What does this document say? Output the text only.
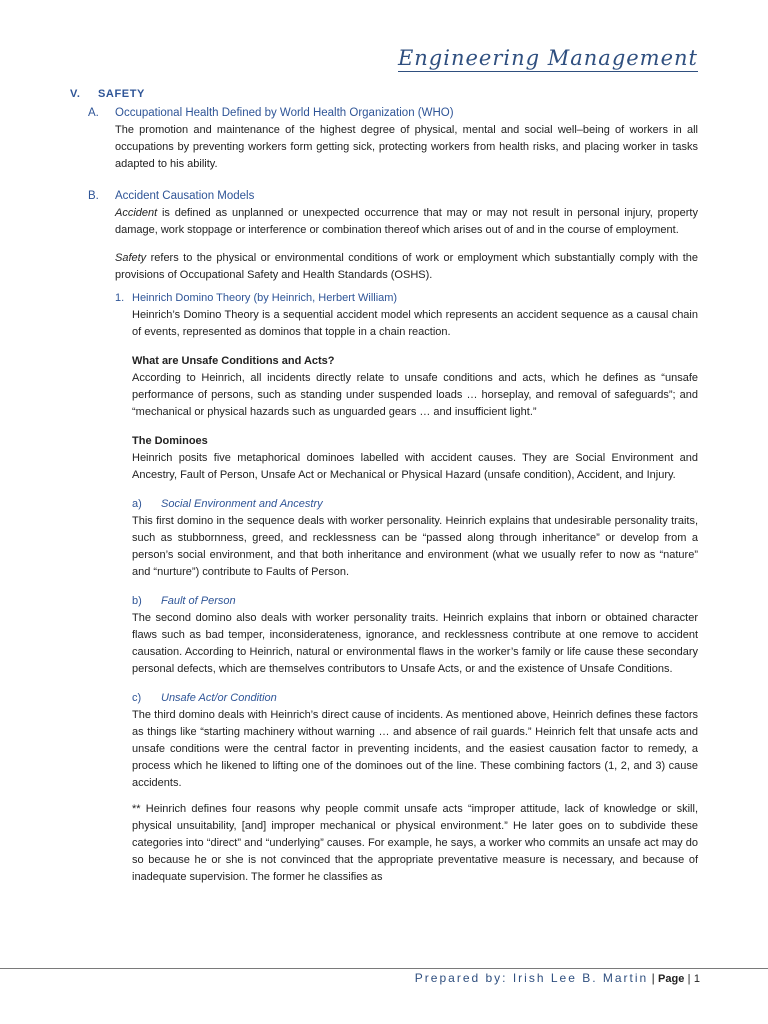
Engineering Management
V. SAFETY
A.	Occupational Health Defined by World Health Organization (WHO)

The promotion and maintenance of the highest degree of physical, mental and social well–being of workers in all occupations by preventing workers form getting sick, protecting workers from health risks, and placing worker in tasks adapted to his ability.

B.	Accident Causation Models

Accident is defined as unplanned or unexpected occurrence that may or may not result in personal injury, property damage, work stoppage or interference or combination thereof which arises out of and in the course of employment.

Safety refers to the physical or environmental conditions of work or employment which substantially comply with the provisions of Occupational Safety and Health Standards (OSHS).

1. Heinrich Domino Theory (by Heinrich, Herbert William)

Heinrich’s Domino Theory is a sequential accident model which represents an accident sequence as a causal chain of events, represented as dominos that topple in a chain reaction.

What are Unsafe Conditions and Acts?

According to Heinrich, all incidents directly relate to unsafe conditions and acts, which he defines as “unsafe performance of persons, such as standing under suspended loads … horseplay, and removal of safeguards”; and “mechanical or physical hazards such as unguarded gears … and insufficient light.”

The Dominoes

Heinrich posits five metaphorical dominoes labelled with accident causes. They are Social Environment and Ancestry, Fault of Person, Unsafe Act or Mechanical or Physical Hazard (unsafe condition), Accident, and Injury.

a)	Social Environment and Ancestry

This first domino in the sequence deals with worker personality. Heinrich explains that undesirable personality traits, such as stubbornness, greed, and recklessness can be “passed along through inheritance” or develop from a person’s social environment, and that both inheritance and environment (what we usually refer to now as “nature” and “nurture”) contribute to Faults of Person.

b)	Fault of Person

The second domino also deals with worker personality traits. Heinrich explains that inborn or obtained character flaws such as bad temper, inconsiderateness, ignorance, and recklessness contribute at one remove to accident causation. According to Heinrich, natural or environmental flaws in the worker’s family or life cause these secondary personal defects, which are themselves contributors to Unsafe Acts, or and the existence of Unsafe Conditions.

c)	Unsafe Act/or Condition

The third domino deals with Heinrich’s direct cause of incidents. As mentioned above, Heinrich defines these factors as things like “starting machinery without warning … and absence of rail guards.” Heinrich felt that unsafe acts and unsafe conditions were the central factor in preventing incidents, and the easiest causation factor to remedy, a process which he likened to lifting one of the dominoes out of the line. These combining factors (1, 2, and 3) cause accidents.

** Heinrich defines four reasons why people commit unsafe acts “improper attitude, lack of knowledge or skill, physical unsuitability, [and] improper mechanical or physical environment.” He later goes on to subdivide these categories into “direct” and “underlying” causes. For example, he says, a worker who commits an unsafe act may do so because he or she is not convinced that the appropriate preventative measure is necessary, and because of inadequate supervision. The former he classifies as

Prepared by: Irish Lee B. Martin | Page | 1
